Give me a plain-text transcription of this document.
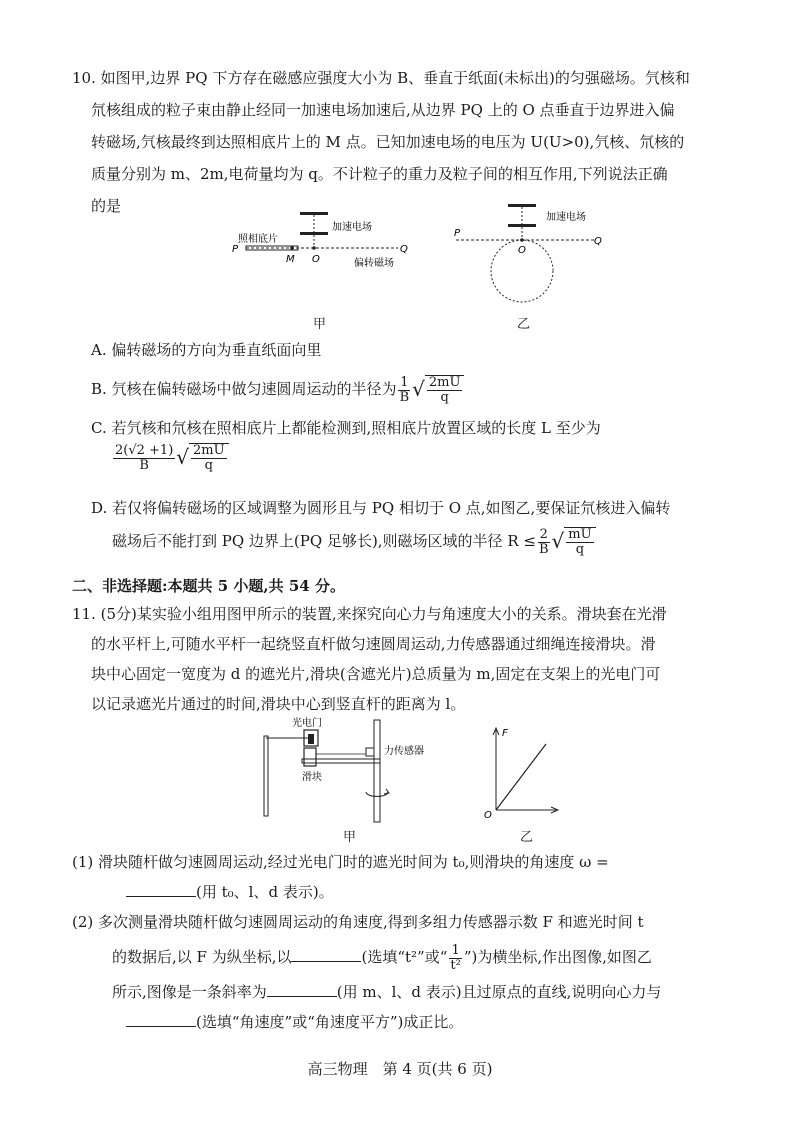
10. 如图甲,边界 PQ 下方存在磁感应强度大小为 B、垂直于纸面(未标出)的匀强磁场。氕核和
氘核组成的粒子束由静止经同一加速电场加速后,从边界 PQ 上的 O 点垂直于边界进入偏
转磁场,氕核最终到达照相底片上的 M 点。已知加速电场的电压为 U(U>0),氕核、氘核的
质量分别为 m、2m,电荷量均为 q。不计粒子的重力及粒子间的相互作用,下列说法正确
的是
加速电场
照相底片
P	Q
M O	偏转磁场
甲
加速电场
P
Q
O
乙
A. 偏转磁场的方向为垂直纸面向里
B. 氕核在偏转磁场中做匀速圆周运动的半径为 $\frac{1}{B}$ √ 2mU
q
C. 若氕核和氘核在照相底片上都能检测到,照相底片放置区域的长度 L 至少为
$\frac{2(√2 +1)}{B}$ √ 2mU
q
D. 若仅将偏转磁场的区域调整为圆形且与 PQ 相切于 O 点,如图乙,要保证氘核进入偏转
磁场后不能打到 PQ 边界上(PQ 足够长),则磁场区域的半径 $R \le \frac{2}{B}$ √ mU
q
二、非选择题:本题共 5 小题,共 54 分。
11. (5分)某实验小组用图甲所示的装置,来探究向心力与角速度大小的关系。滑块套在光滑
的水平杆上,可随水平杆一起绕竖直杆做匀速圆周运动,力传感器通过细绳连接滑块。滑
块中心固定一宽度为 d 的遮光片,滑块(含遮光片)总质量为 m,固定在支架上的光电门可
以记录遮光片通过的时间,滑块中心到竖直杆的距离为 l。
光电门
滑块
力传感器
甲
F
O
乙
(1) 滑块随杆做匀速圆周运动,经过光电门时的遮光时间为 t₀,则滑块的角速度 ω =
(用 t₀、l、d 表示)。
(2) 多次测量滑块随杆做匀速圆周运动的角速度,得到多组力传感器示数 F 和遮光时间 t
的数据后,以 F 为纵坐标,以	(选填“t²”或“ $\frac{1}{\text{t²}}$ ”)为横坐标,作出图像,如图乙
所示,图像是一条斜率为	(用 m、l、d 表示)且过原点的直线,说明向心力与
(选填“角速度”或“角速度平方”)成正比。
高三物理　第 4 页(共 6 页)
